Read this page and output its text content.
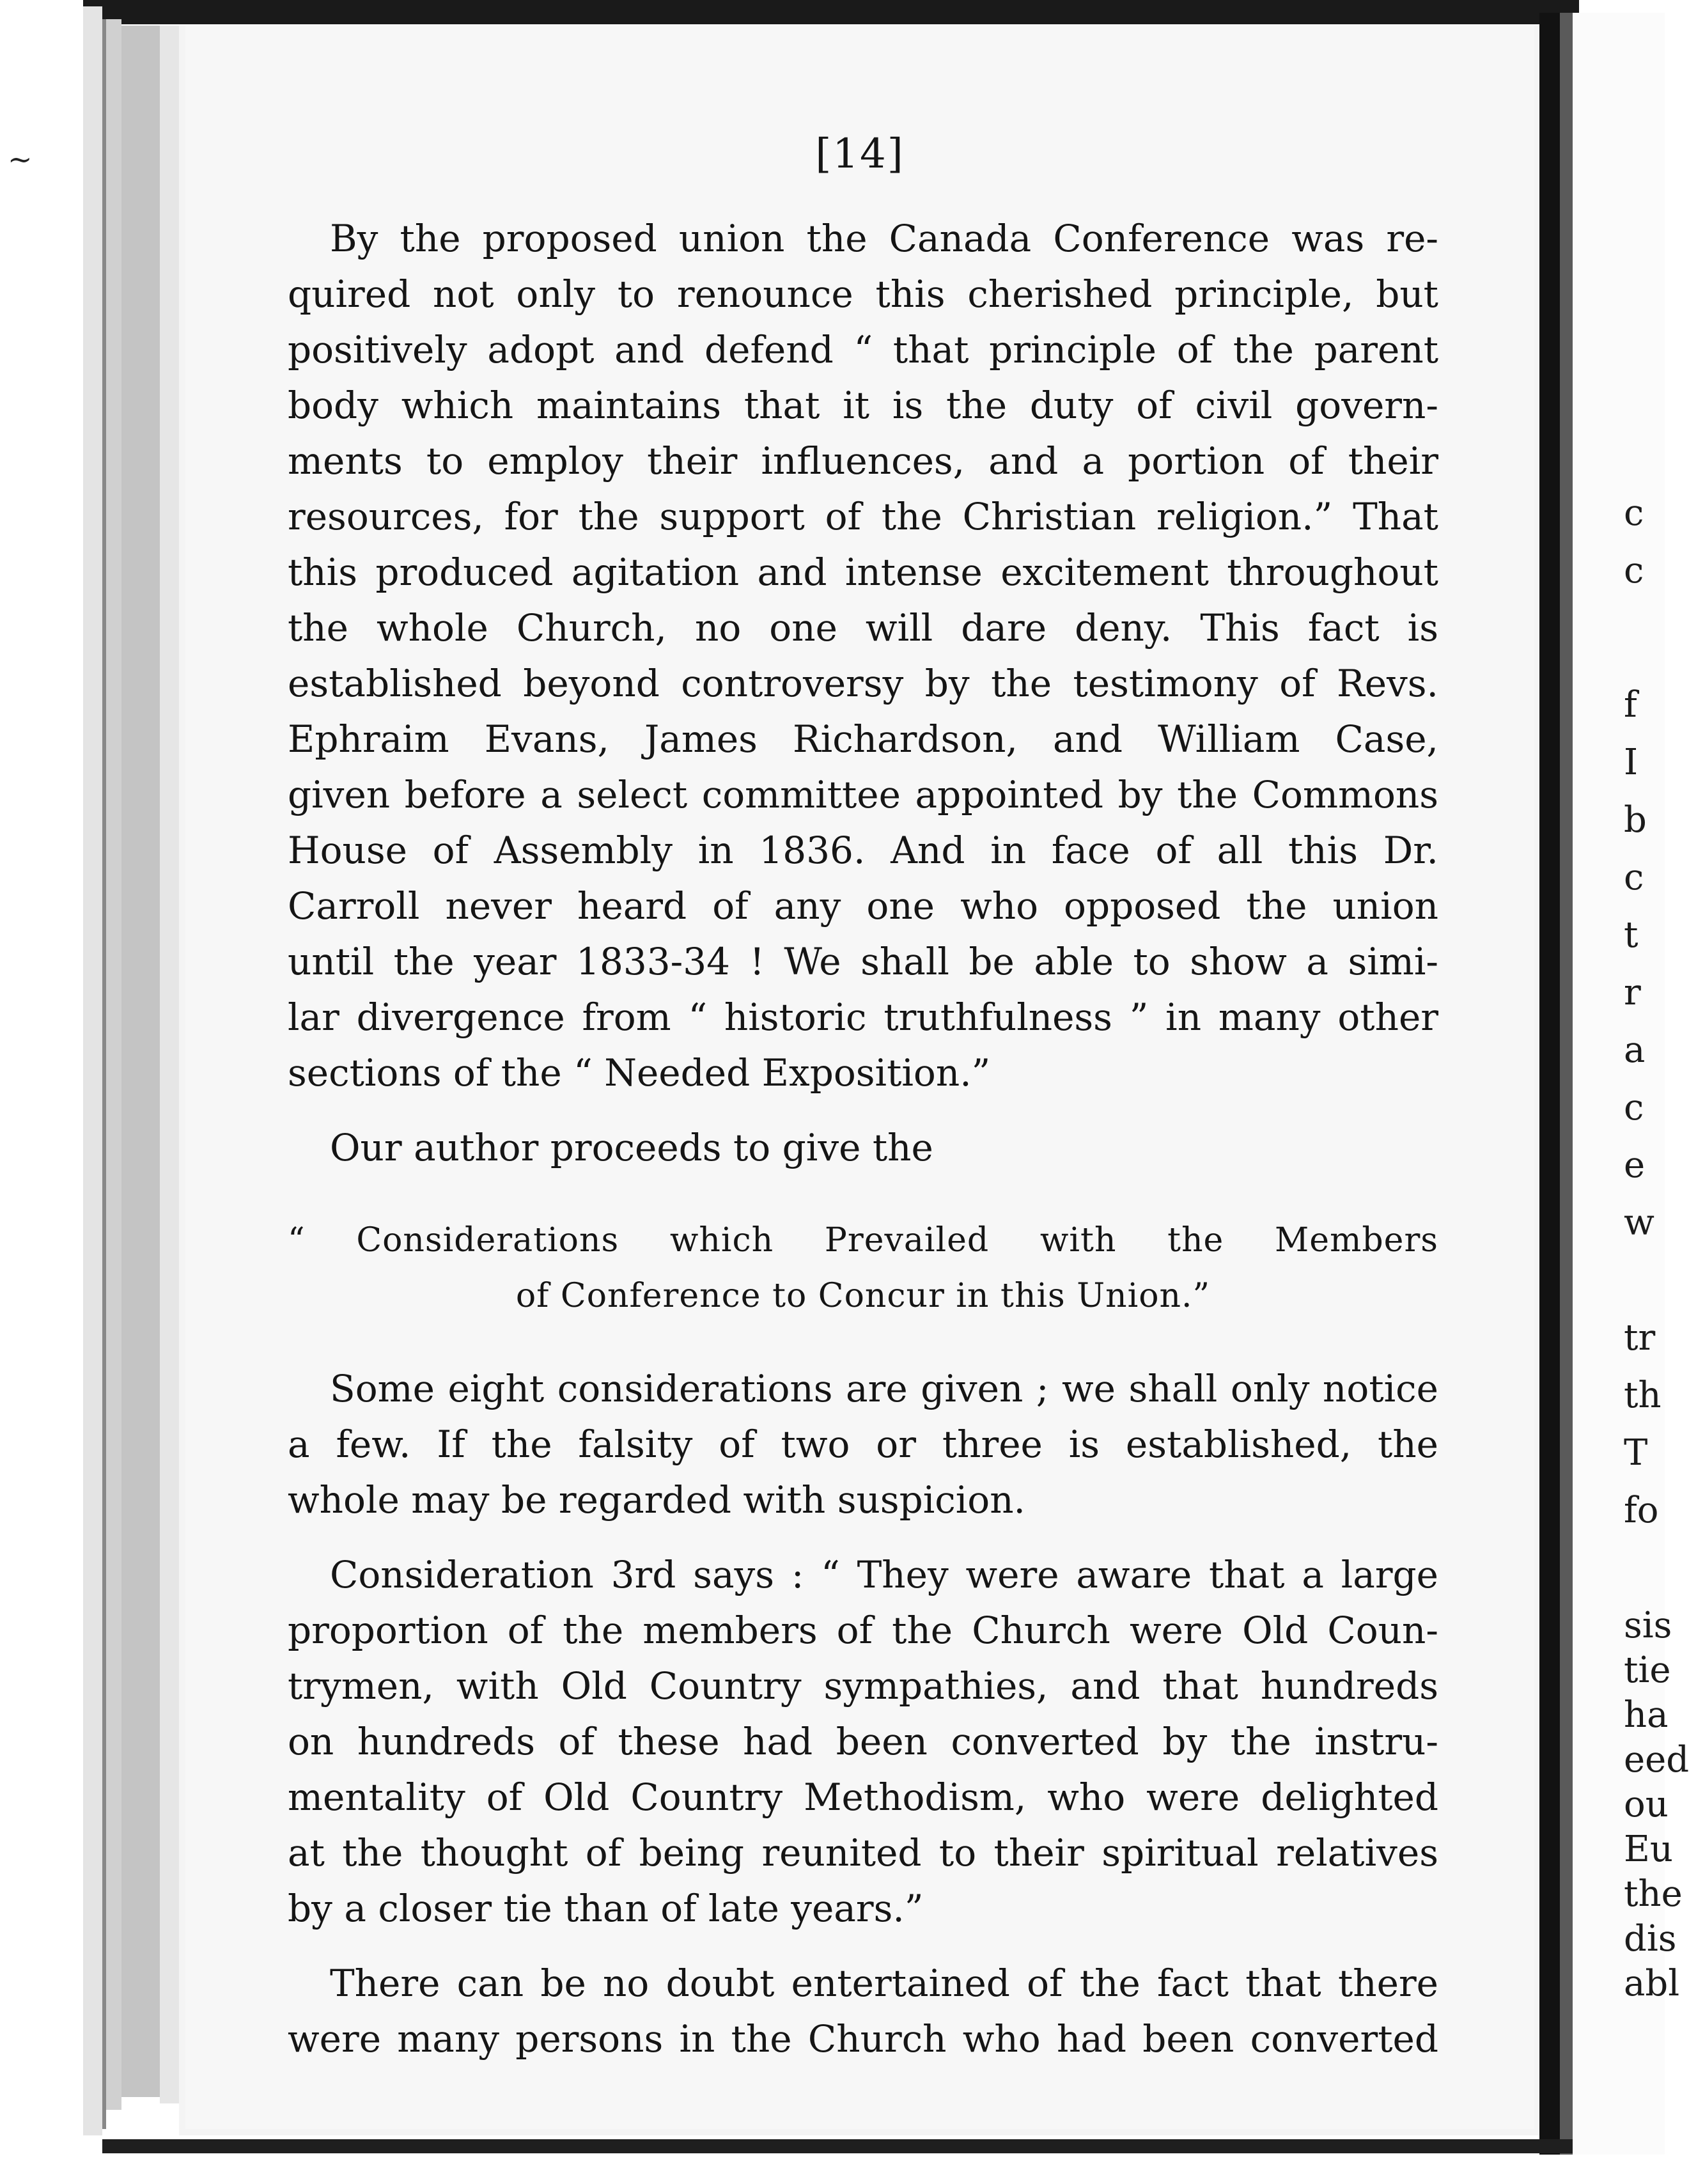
[14]
By the proposed union the Canada Conference was re-
quired not only to renounce this cherished principle, but
positively adopt and defend “ that principle of the parent
body which maintains that it is the duty of civil govern-
ments to employ their influences, and a portion of their
resources, for the support of the Christian religion.” That
this produced agitation and intense excitement throughout
the whole Church, no one will dare deny. This fact is
established beyond controversy by the testimony of Revs.
Ephraim Evans, James Richardson, and William Case,
given before a select committee appointed by the Commons
House of Assembly in 1836. And in face of all this Dr.
Carroll never heard of any one who opposed the union
until the year 1833-34 ! We shall be able to show a simi-
lar divergence from “ historic truthfulness ” in many other
sections of the “ Needed Exposition.”
Our author proceeds to give the
“ Considerations which Prevailed with the Members
of Conference to Concur in this Union.”
Some eight considerations are given ; we shall only notice
a few. If the falsity of two or three is established, the
whole may be regarded with suspicion.
Consideration 3rd says : “ They were aware that a large
proportion of the members of the Church were Old Coun-
trymen, with Old Country sympathies, and that hundreds
on hundreds of these had been converted by the instru-
mentality of Old Country Methodism, who were delighted
at the thought of being reunited to their spiritual relatives
by a closer tie than of late years.”
There can be no doubt entertained of the fact that there
were many persons in the Church who had been converted
c
c
f
I
b
c
t
r
a
c
e
w
tr
th
T
fo
sis
tie
ha
eed
ou
Eu
the
dis
abl
~
